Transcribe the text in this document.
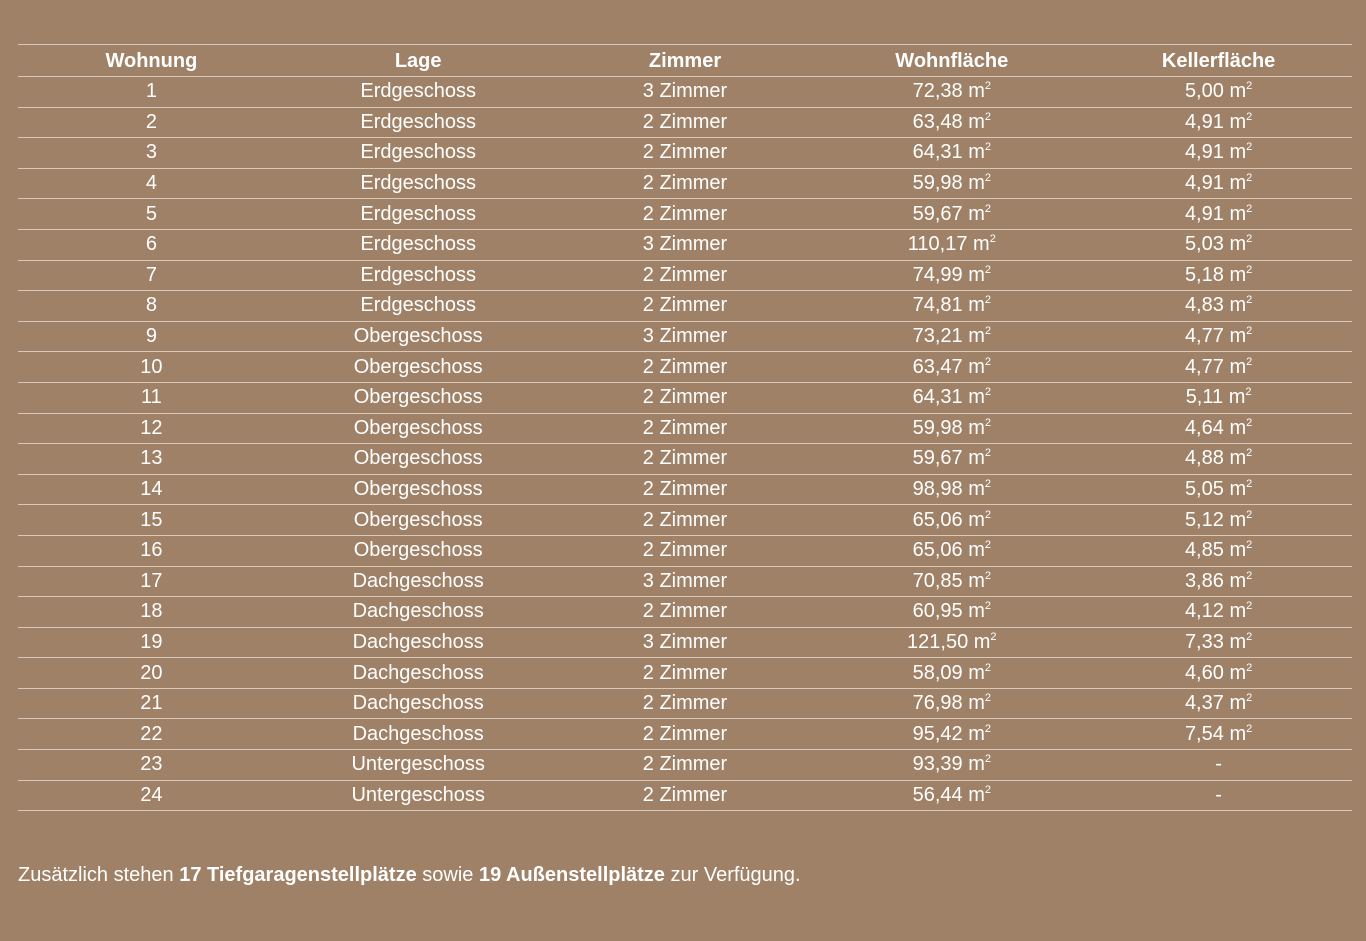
Wohnung	Lage	Zimmer	Wohnfläche	Kellerfläche
1	Erdgeschoss	3 Zimmer	72,38 $m^2$	5,00 $m^2$
2	Erdgeschoss	2 Zimmer	63,48 $m^2$	4,91 $m^2$
3	Erdgeschoss	2 Zimmer	64,31 $m^2$	4,91 $m^2$
4	Erdgeschoss	2 Zimmer	59,98 $m^2$	4,91 $m^2$
5	Erdgeschoss	2 Zimmer	59,67 $m^2$	4,91 $m^2$
6	Erdgeschoss	3 Zimmer	110,17 $m^2$	5,03 $m^2$
7	Erdgeschoss	2 Zimmer	74,99 $m^2$	5,18 $m^2$
8	Erdgeschoss	2 Zimmer	74,81 $m^2$	4,83 $m^2$
9	Obergeschoss	3 Zimmer	73,21 $m^2$	4,77 $m^2$
10	Obergeschoss	2 Zimmer	63,47 $m^2$	4,77 $m^2$
11	Obergeschoss	2 Zimmer	64,31 $m^2$	5,11 $m^2$
12	Obergeschoss	2 Zimmer	59,98 $m^2$	4,64 $m^2$
13	Obergeschoss	2 Zimmer	59,67 $m^2$	4,88 $m^2$
14	Obergeschoss	2 Zimmer	98,98 $m^2$	5,05 $m^2$
15	Obergeschoss	2 Zimmer	65,06 $m^2$	5,12 $m^2$
16	Obergeschoss	2 Zimmer	65,06 $m^2$	4,85 $m^2$
17	Dachgeschoss	3 Zimmer	70,85 $m^2$	3,86 $m^2$
18	Dachgeschoss	2 Zimmer	60,95 $m^2$	4,12 $m^2$
19	Dachgeschoss	3 Zimmer	121,50 $m^2$	7,33 $m^2$
20	Dachgeschoss	2 Zimmer	58,09 $m^2$	4,60 $m^2$
21	Dachgeschoss	2 Zimmer	76,98 $m^2$	4,37 $m^2$
22	Dachgeschoss	2 Zimmer	95,42 $m^2$	7,54 $m^2$
23	Untergeschoss	2 Zimmer	93,39 $m^2$	-
24	Untergeschoss	2 Zimmer	56,44 $m^2$	-
Zusätzlich stehen 17 Tiefgaragenstellplätze sowie 19 Außenstellplätze zur Verfügung.
